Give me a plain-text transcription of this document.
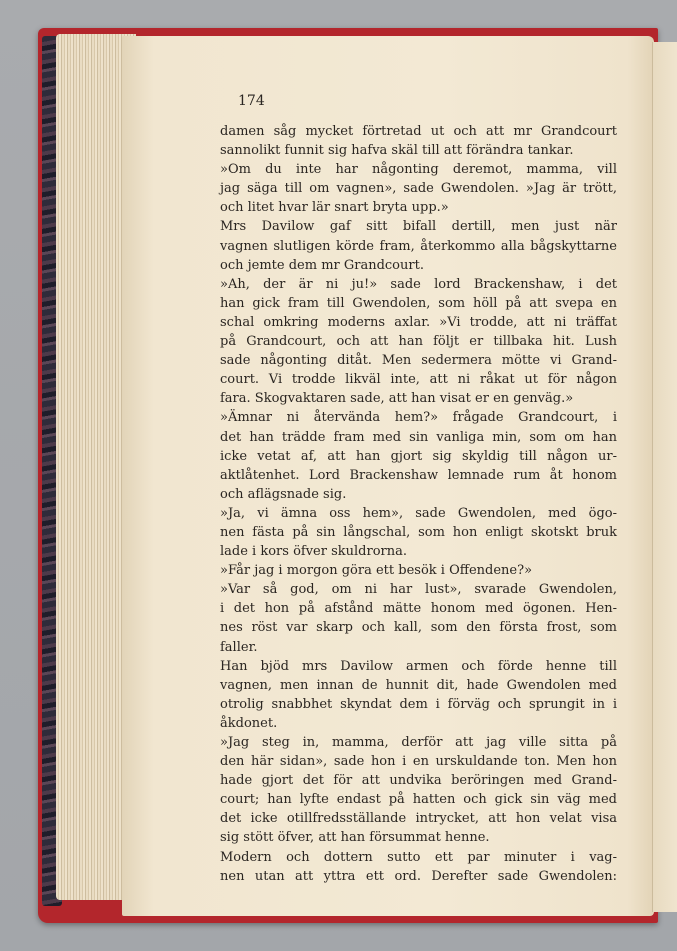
174
damen såg mycket förtretad ut och att mr Grandcourt
sannolikt funnit sig hafva skäl till att förändra tankar.
»Om du inte har någonting deremot, mamma, vill
jag säga till om vagnen», sade Gwendolen. »Jag är trött,
och litet hvar lär snart bryta upp.»
Mrs Davilow gaf sitt bifall dertill, men just när
vagnen slutligen körde fram, återkommo alla bågskyttarne
och jemte dem mr Grandcourt.
»Ah, der är ni ju!» sade lord Brackenshaw, i det
han gick fram till Gwendolen, som höll på att svepa en
schal omkring moderns axlar. »Vi trodde, att ni träffat
på Grandcourt, och att han följt er tillbaka hit. Lush
sade någonting ditåt. Men sedermera mötte vi Grand-
court. Vi trodde likväl inte, att ni råkat ut för någon
fara. Skogvaktaren sade, att han visat er en genväg.»
»Ämnar ni återvända hem?» frågade Grandcourt, i
det han trädde fram med sin vanliga min, som om han
icke vetat af, att han gjort sig skyldig till någon ur-
aktlåtenhet. Lord Brackenshaw lemnade rum åt honom
och aflägsnade sig.
»Ja, vi ämna oss hem», sade Gwendolen, med ögo-
nen fästa på sin långschal, som hon enligt skotskt bruk
lade i kors öfver skuldrorna.
»Får jag i morgon göra ett besök i Offendene?»
»Var så god, om ni har lust», svarade Gwendolen,
i det hon på afstånd mätte honom med ögonen. Hen-
nes röst var skarp och kall, som den första frost, som
faller.
Han bjöd mrs Davilow armen och förde henne till
vagnen, men innan de hunnit dit, hade Gwendolen med
otrolig snabbhet skyndat dem i förväg och sprungit in i
åkdonet.
»Jag steg in, mamma, derför att jag ville sitta på
den här sidan», sade hon i en urskuldande ton. Men hon
hade gjort det för att undvika beröringen med Grand-
court; han lyfte endast på hatten och gick sin väg med
det icke otillfredsställande intrycket, att hon velat visa
sig stött öfver, att han försummat henne.
Modern och dottern sutto ett par minuter i vag-
nen utan att yttra ett ord. Derefter sade Gwendolen:
